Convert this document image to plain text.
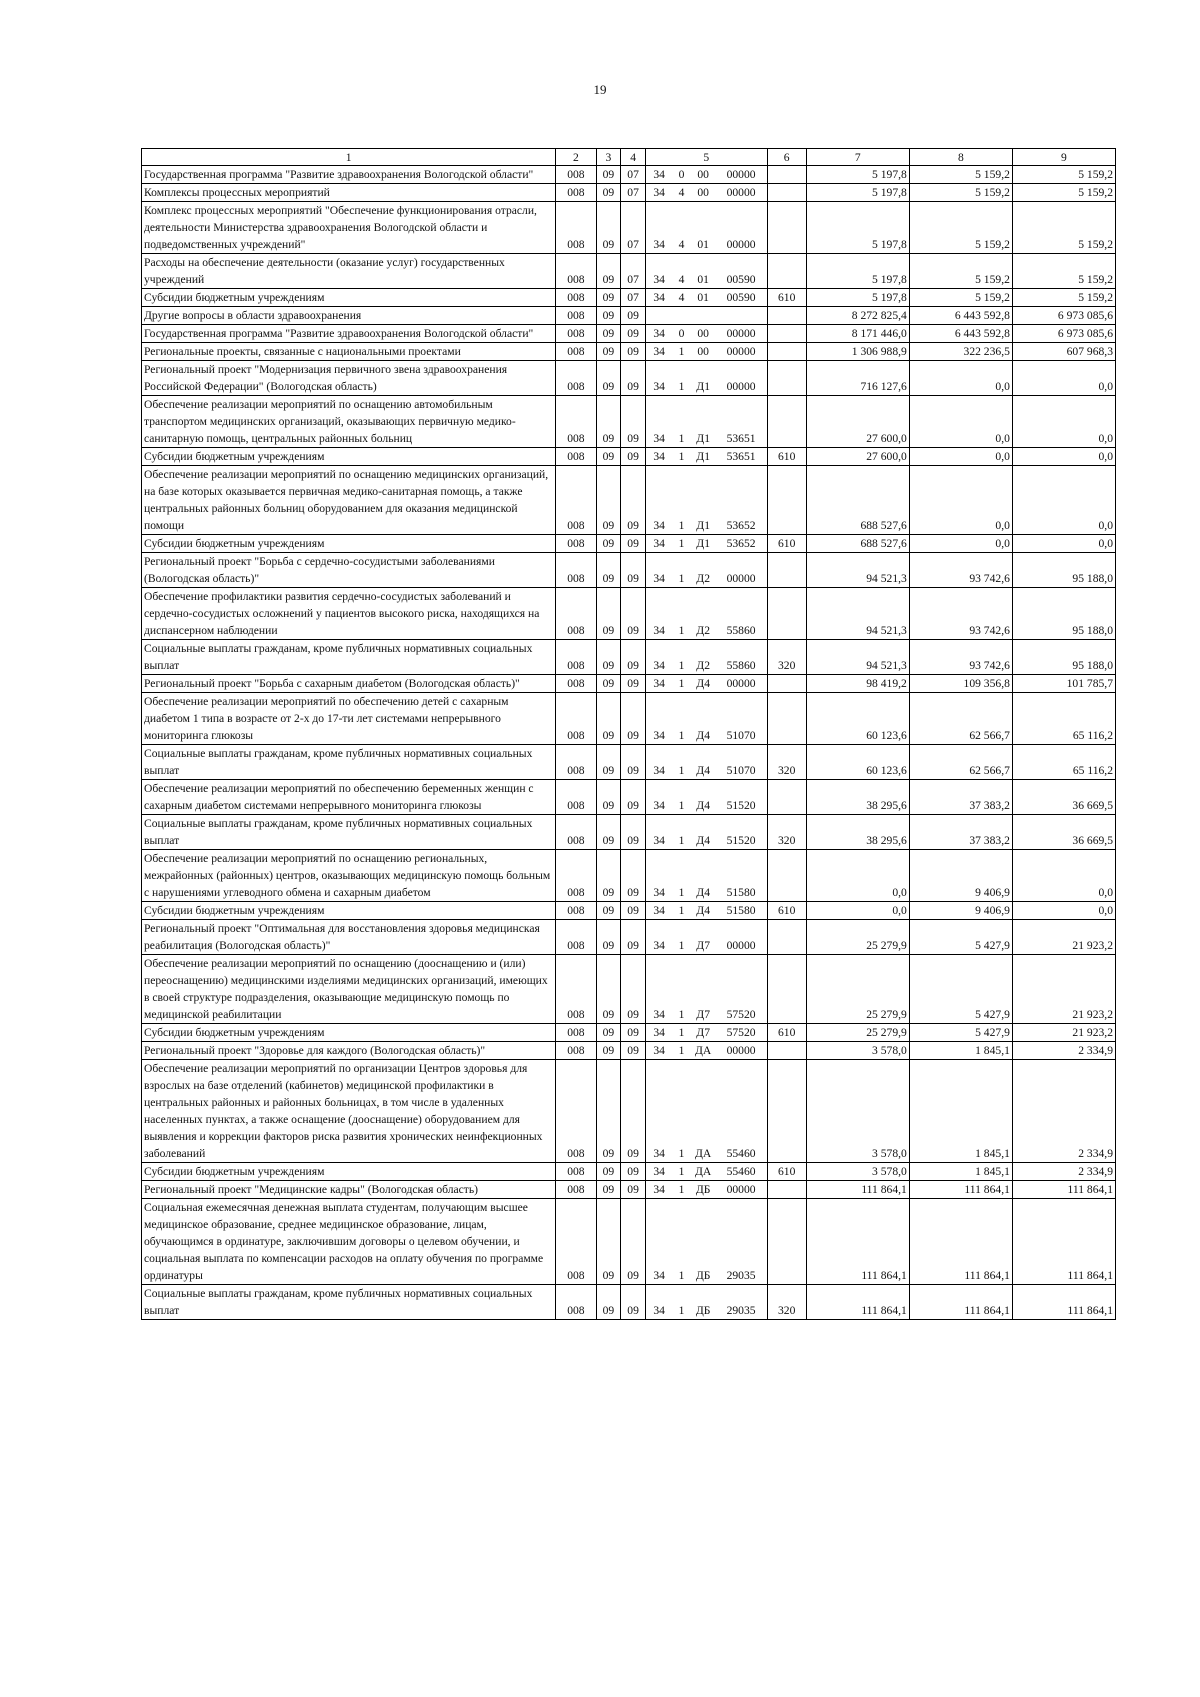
19
1	2	3	4	5				6	7	8	9
Государственная программа "Развитие здравоохранения Вологодской области"	008	09	07	34	0	00	00000		5 197,8	5 159,2	5 159,2
Комплексы процессных мероприятий	008	09	07	34	4	00	00000		5 197,8	5 159,2	5 159,2
Комплекс процессных мероприятий "Обеспечение функционирования отрасли, деятельности Министерства здравоохранения Вологодской области и подведомственных учреждений"	008	09	07	34	4	01	00000		5 197,8	5 159,2	5 159,2
Расходы на обеспечение деятельности (оказание услуг) государственных учреждений	008	09	07	34	4	01	00590		5 197,8	5 159,2	5 159,2
Субсидии бюджетным учреждениям	008	09	07	34	4	01	00590	610	5 197,8	5 159,2	5 159,2
Другие вопросы в области здравоохранения	008	09	09						8 272 825,4	6 443 592,8	6 973 085,6
Государственная программа "Развитие здравоохранения Вологодской области"	008	09	09	34	0	00	00000		8 171 446,0	6 443 592,8	6 973 085,6
Региональные проекты, связанные с национальными проектами	008	09	09	34	1	00	00000		1 306 988,9	322 236,5	607 968,3
Региональный проект "Модернизация первичного звена здравоохранения Российской Федерации" (Вологодская область)	008	09	09	34	1	Д1	00000		716 127,6	0,0	0,0
Обеспечение реализации мероприятий по оснащению автомобильным транспортом медицинских организаций, оказывающих первичную медико-санитарную помощь, центральных районных больниц	008	09	09	34	1	Д1	53651		27 600,0	0,0	0,0
Субсидии бюджетным учреждениям	008	09	09	34	1	Д1	53651	610	27 600,0	0,0	0,0
Обеспечение реализации мероприятий по оснащению медицинских организаций, на базе которых оказывается первичная медико-санитарная помощь, а также центральных районных больниц оборудованием для оказания медицинской помощи	008	09	09	34	1	Д1	53652		688 527,6	0,0	0,0
Субсидии бюджетным учреждениям	008	09	09	34	1	Д1	53652	610	688 527,6	0,0	0,0
Региональный проект "Борьба с сердечно-сосудистыми заболеваниями (Вологодская область)"	008	09	09	34	1	Д2	00000		94 521,3	93 742,6	95 188,0
Обеспечение профилактики развития сердечно-сосудистых заболеваний и сердечно-сосудистых осложнений у пациентов высокого риска, находящихся на диспансерном наблюдении	008	09	09	34	1	Д2	55860		94 521,3	93 742,6	95 188,0
Социальные выплаты гражданам, кроме публичных нормативных социальных выплат	008	09	09	34	1	Д2	55860	320	94 521,3	93 742,6	95 188,0
Региональный проект "Борьба с сахарным диабетом (Вологодская область)"	008	09	09	34	1	Д4	00000		98 419,2	109 356,8	101 785,7
Обеспечение реализации мероприятий по обеспечению детей с сахарным диабетом 1 типа в возрасте от 2-х до 17-ти лет системами непрерывного мониторинга глюкозы	008	09	09	34	1	Д4	51070		60 123,6	62 566,7	65 116,2
Социальные выплаты гражданам, кроме публичных нормативных социальных выплат	008	09	09	34	1	Д4	51070	320	60 123,6	62 566,7	65 116,2
Обеспечение реализации мероприятий по обеспечению беременных женщин с сахарным диабетом системами непрерывного мониторинга глюкозы	008	09	09	34	1	Д4	51520		38 295,6	37 383,2	36 669,5
Социальные выплаты гражданам, кроме публичных нормативных социальных выплат	008	09	09	34	1	Д4	51520	320	38 295,6	37 383,2	36 669,5
Обеспечение реализации мероприятий по оснащению региональных, межрайонных (районных) центров, оказывающих медицинскую помощь больным с нарушениями углеводного обмена и сахарным диабетом	008	09	09	34	1	Д4	51580		0,0	9 406,9	0,0
Субсидии бюджетным учреждениям	008	09	09	34	1	Д4	51580	610	0,0	9 406,9	0,0
Региональный проект "Оптимальная для восстановления здоровья медицинская реабилитация (Вологодская область)"	008	09	09	34	1	Д7	00000		25 279,9	5 427,9	21 923,2
Обеспечение реализации мероприятий по оснащению (дооснащению и (или) переоснащению) медицинскими изделиями медицинских организаций, имеющих в своей структуре подразделения, оказывающие медицинскую помощь по медицинской реабилитации	008	09	09	34	1	Д7	57520		25 279,9	5 427,9	21 923,2
Субсидии бюджетным учреждениям	008	09	09	34	1	Д7	57520	610	25 279,9	5 427,9	21 923,2
Региональный проект "Здоровье для каждого (Вологодская область)"	008	09	09	34	1	ДА	00000		3 578,0	1 845,1	2 334,9
Обеспечение реализации мероприятий по организации Центров здоровья для взрослых на базе отделений (кабинетов) медицинской профилактики в центральных районных и районных больницах, в том числе в удаленных населенных пунктах, а также оснащение (дооснащение) оборудованием для выявления и коррекции факторов риска развития хронических неинфекционных заболеваний	008	09	09	34	1	ДА	55460		3 578,0	1 845,1	2 334,9
Субсидии бюджетным учреждениям	008	09	09	34	1	ДА	55460	610	3 578,0	1 845,1	2 334,9
Региональный проект "Медицинские кадры" (Вологодская область)	008	09	09	34	1	ДБ	00000		111 864,1	111 864,1	111 864,1
Социальная ежемесячная денежная выплата студентам, получающим высшее медицинское образование, среднее медицинское образование, лицам, обучающимся в ординатуре, заключившим договоры о целевом обучении, и социальная выплата по компенсации расходов на оплату обучения по программе ординатуры	008	09	09	34	1	ДБ	29035		111 864,1	111 864,1	111 864,1
Социальные выплаты гражданам, кроме публичных нормативных социальных выплат	008	09	09	34	1	ДБ	29035	320	111 864,1	111 864,1	111 864,1
